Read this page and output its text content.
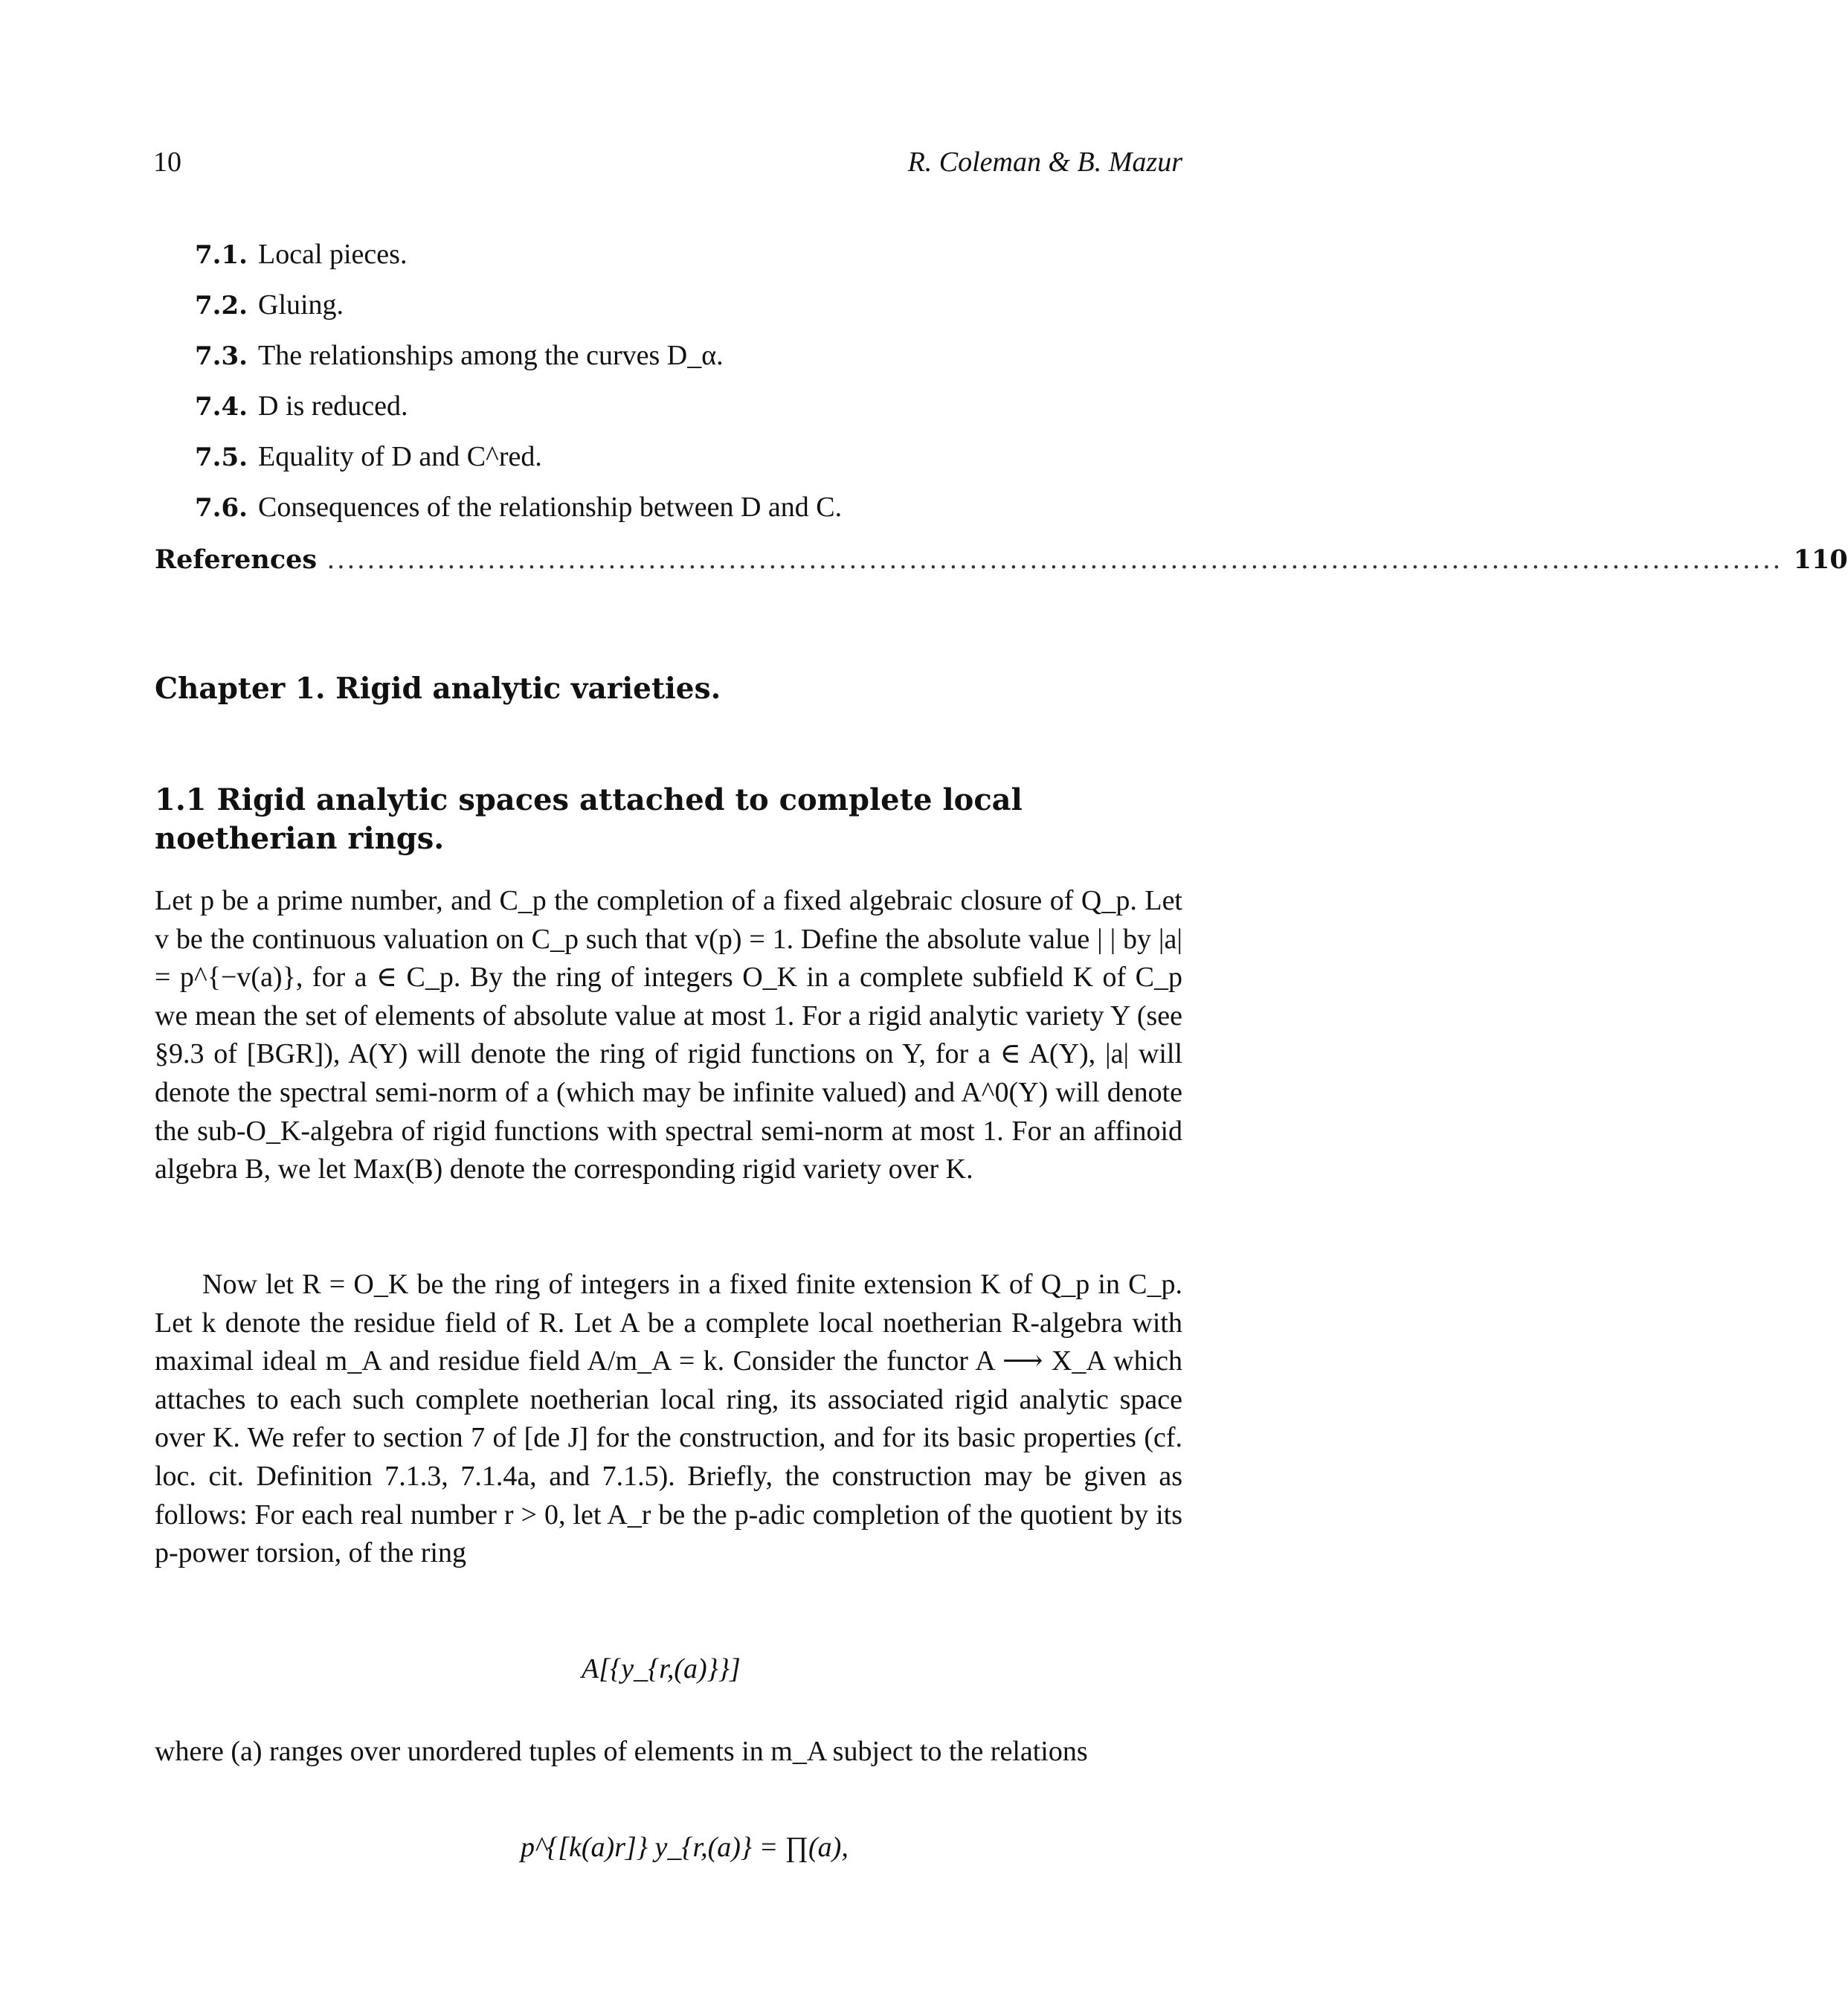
10	R. Coleman & B. Mazur
7.1. Local pieces.
7.2. Gluing.
7.3. The relationships among the curves D_α.
7.4. D is reduced.
7.5. Equality of D and C^red.
7.6. Consequences of the relationship between D and C.
References ................................................................................................................................................. 110
Chapter 1. Rigid analytic varieties.
1.1 Rigid analytic spaces attached to complete local noetherian rings.
Let p be a prime number, and C_p the completion of a fixed algebraic closure of Q_p. Let v be the continuous valuation on C_p such that v(p) = 1. Define the absolute value | | by |a| = p^{−v(a)}, for a ∈ C_p. By the ring of integers O_K in a complete subfield K of C_p we mean the set of elements of absolute value at most 1. For a rigid analytic variety Y (see §9.3 of [BGR]), A(Y) will denote the ring of rigid functions on Y, for a ∈ A(Y), |a| will denote the spectral semi-norm of a (which may be infinite valued) and A^0(Y) will denote the sub-O_K-algebra of rigid functions with spectral semi-norm at most 1. For an affinoid algebra B, we let Max(B) denote the corresponding rigid variety over K.
Now let R = O_K be the ring of integers in a fixed finite extension K of Q_p in C_p. Let k denote the residue field of R. Let A be a complete local noetherian R-algebra with maximal ideal m_A and residue field A/m_A = k. Consider the functor A ⟶ X_A which attaches to each such complete noetherian local ring, its associated rigid analytic space over K. We refer to section 7 of [de J] for the construction, and for its basic properties (cf. loc. cit. Definition 7.1.3, 7.1.4a, and 7.1.5). Briefly, the construction may be given as follows: For each real number r > 0, let A_r be the p-adic completion of the quotient by its p-power torsion, of the ring
A[{y_{r,(a)}}]
where (a) ranges over unordered tuples of elements in m_A subject to the relations
p^{[k(a)r]} y_{r,(a)} = ∏(a),
